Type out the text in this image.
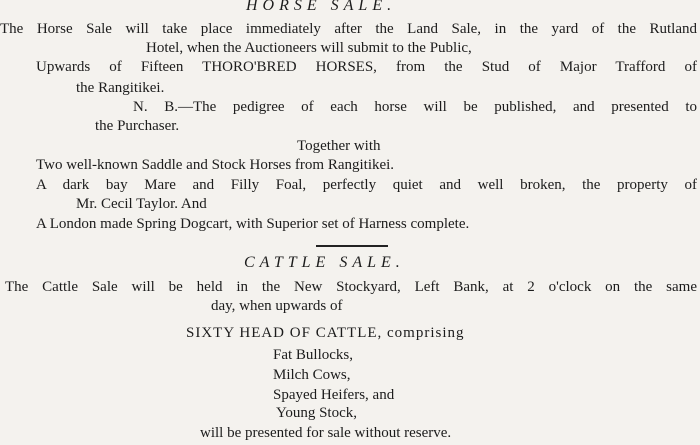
HORSE SALE.
The Horse Sale will take place immediately after the Land Sale, in the yard of the Rutland
Hotel, when the Auctioneers will submit to the Public,
Upwards of Fifteen THORO'BRED HORSES, from the Stud of Major Trafford of
the Rangitikei.
N. B.—The pedigree of each horse will be published, and presented to
the Purchaser.
Together with
Two well-known Saddle and Stock Horses from Rangitikei.
A dark bay Mare and Filly Foal, perfectly quiet and well broken, the property of
Mr. Cecil Taylor. And
A London made Spring Dogcart, with Superior set of Harness complete.
CATTLE SALE.
The Cattle Sale will be held in the New Stockyard, Left Bank, at 2 o'clock on the same
day, when upwards of
SIXTY HEAD OF CATTLE, comprising
Fat Bullocks,
Milch Cows,
Spayed Heifers, and
Young Stock,
will be presented for sale without reserve.
